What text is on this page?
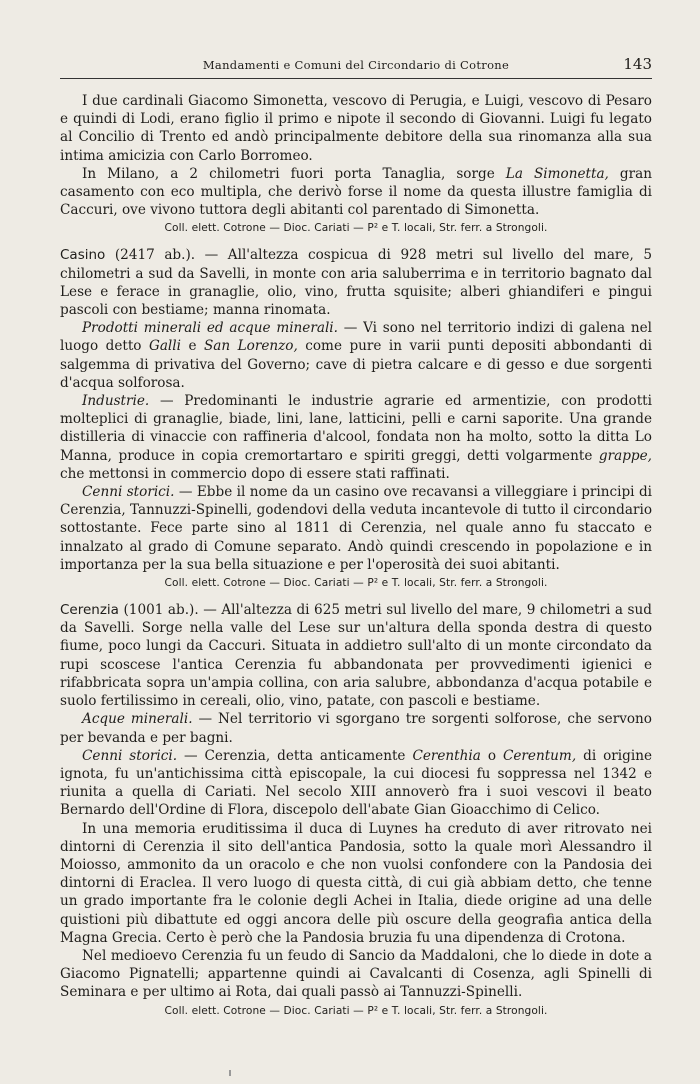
Mandamenti e Comuni del Circondario di Cotrone	143

I due cardinali Giacomo Simonetta, vescovo di Perugia, e Luigi, vescovo di Pesaro e quindi di Lodi, erano figlio il primo e nipote il secondo di Giovanni. Luigi fu legato al Concilio di Trento ed andò principalmente debitore della sua rinomanza alla sua intima amicizia con Carlo Borromeo.

In Milano, a 2 chilometri fuori porta Tanaglia, sorge La Simonetta, gran casamento con eco multipla, che derivò forse il nome da questa illustre famiglia di Caccuri, ove vivono tuttora degli abitanti col parentado di Simonetta.

Coll. elett. Cotrone — Dioc. Cariati — P² e T. locali, Str. ferr. a Strongoli.

Casino (2417 ab.). — All'altezza cospicua di 928 metri sul livello del mare, 5 chilometri a sud da Savelli, in monte con aria saluberrima e in territorio bagnato dal Lese e ferace in granaglie, olio, vino, frutta squisite; alberi ghiandiferi e pingui pascoli con bestiame; manna rinomata.

Prodotti minerali ed acque minerali. — Vi sono nel territorio indizi di galena nel luogo detto Galli e San Lorenzo, come pure in varii punti depositi abbondanti di salgemma di privativa del Governo; cave di pietra calcare e di gesso e due sorgenti d'acqua solforosa.

Industrie. — Predominanti le industrie agrarie ed armentizie, con prodotti molteplici di granaglie, biade, lini, lane, latticini, pelli e carni saporite. Una grande distilleria di vinaccie con raffineria d'alcool, fondata non ha molto, sotto la ditta Lo Manna, produce in copia cremortartaro e spiriti greggi, detti volgarmente grappe, che mettonsi in commercio dopo di essere stati raffinati.

Cenni storici. — Ebbe il nome da un casino ove recavansi a villeggiare i principi di Cerenzia, Tannuzzi-Spinelli, godendovi della veduta incantevole di tutto il circondario sottostante. Fece parte sino al 1811 di Cerenzia, nel quale anno fu staccato e innalzato al grado di Comune separato. Andò quindi crescendo in popolazione e in importanza per la sua bella situazione e per l'operosità dei suoi abitanti.

Coll. elett. Cotrone — Dioc. Cariati — P² e T. locali, Str. ferr. a Strongoli.

Cerenzia (1001 ab.). — All'altezza di 625 metri sul livello del mare, 9 chilometri a sud da Savelli. Sorge nella valle del Lese sur un'altura della sponda destra di questo fiume, poco lungi da Caccuri. Situata in addietro sull'alto di un monte circondato da rupi scoscese l'antica Cerenzia fu abbandonata per provvedimenti igienici e rifabbricata sopra un'ampia collina, con aria salubre, abbondanza d'acqua potabile e suolo fertilissimo in cereali, olio, vino, patate, con pascoli e bestiame.

Acque minerali. — Nel territorio vi sgorgano tre sorgenti solforose, che servono per bevanda e per bagni.

Cenni storici. — Cerenzia, detta anticamente Cerenthia o Cerentum, di origine ignota, fu un'antichissima città episcopale, la cui diocesi fu soppressa nel 1342 e riunita a quella di Cariati. Nel secolo XIII annoverò fra i suoi vescovi il beato Bernardo dell'Ordine di Flora, discepolo dell'abate Gian Gioacchimo di Celico.

In una memoria eruditissima il duca di Luynes ha creduto di aver ritrovato nei dintorni di Cerenzia il sito dell'antica Pandosia, sotto la quale morì Alessandro il Moiosso, ammonito da un oracolo e che non vuolsi confondere con la Pandosia dei dintorni di Eraclea. Il vero luogo di questa città, di cui già abbiam detto, che tenne un grado importante fra le colonie degli Achei in Italia, diede origine ad una delle quistioni più dibattute ed oggi ancora delle più oscure della geografia antica della Magna Grecia. Certo è però che la Pandosia bruzia fu una dipendenza di Crotona.

Nel medioevo Cerenzia fu un feudo di Sancio da Maddaloni, che lo diede in dote a Giacomo Pignatelli; appartenne quindi ai Cavalcanti di Cosenza, agli Spinelli di Seminara e per ultimo ai Rota, dai quali passò ai Tannuzzi-Spinelli.

Coll. elett. Cotrone — Dioc. Cariati — P² e T. locali, Str. ferr. a Strongoli.
